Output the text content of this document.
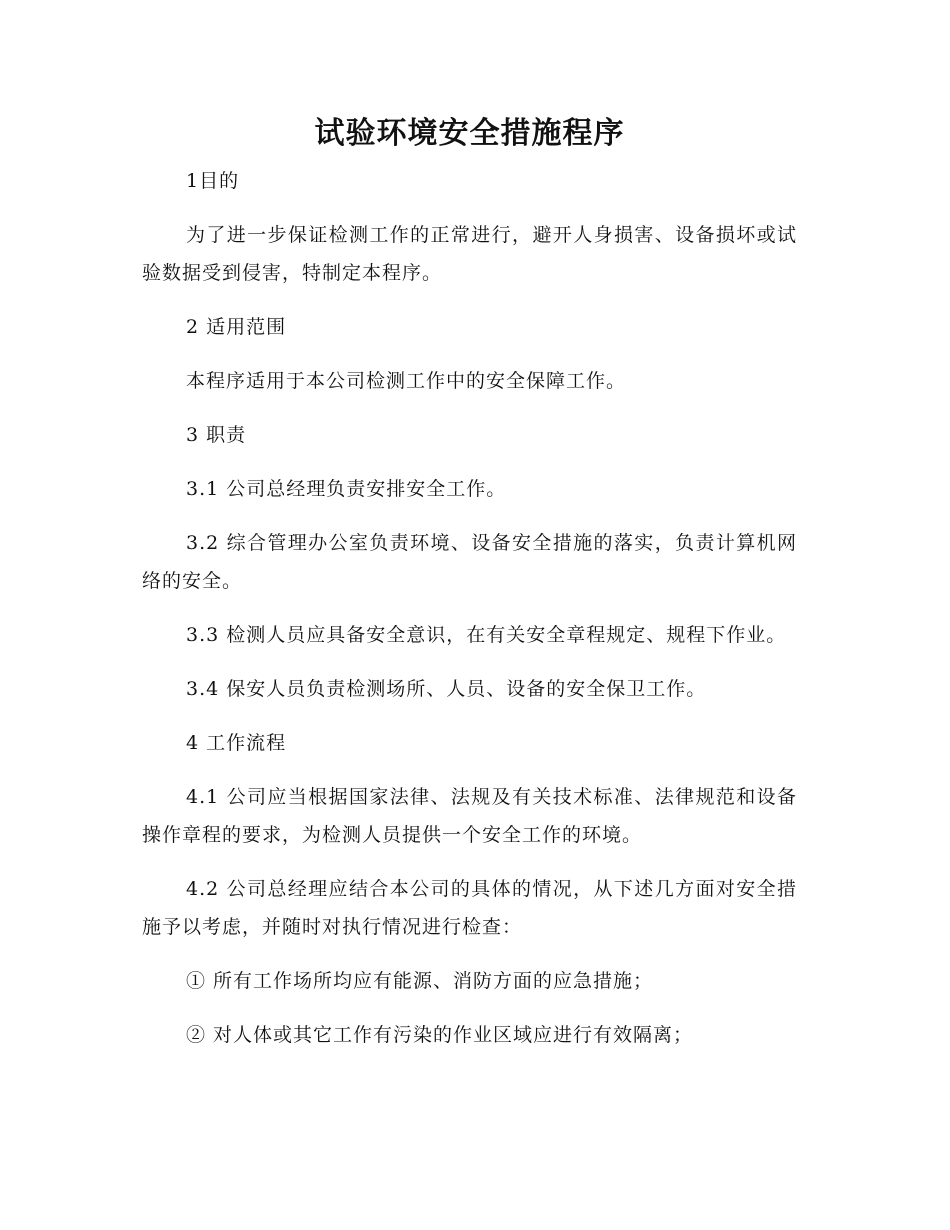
试验环境安全措施程序

1目的

为了进一步保证检测工作的正常进行，避开人身损害、设备损坏或试验数据受到侵害，特制定本程序。

2 适用范围

本程序适用于本公司检测工作中的安全保障工作。

3 职责

3.1 公司总经理负责安排安全工作。

3.2 综合管理办公室负责环境、设备安全措施的落实，负责计算机网络的安全。

3.3 检测人员应具备安全意识，在有关安全章程规定、规程下作业。

3.4 保安人员负责检测场所、人员、设备的安全保卫工作。

4 工作流程

4.1 公司应当根据国家法律、法规及有关技术标准、法律规范和设备操作章程的要求，为检测人员提供一个安全工作的环境。

4.2 公司总经理应结合本公司的具体的情况，从下述几方面对安全措施予以考虑，并随时对执行情况进行检查：

① 所有工作场所均应有能源、消防方面的应急措施；

② 对人体或其它工作有污染的作业区域应进行有效隔离；
